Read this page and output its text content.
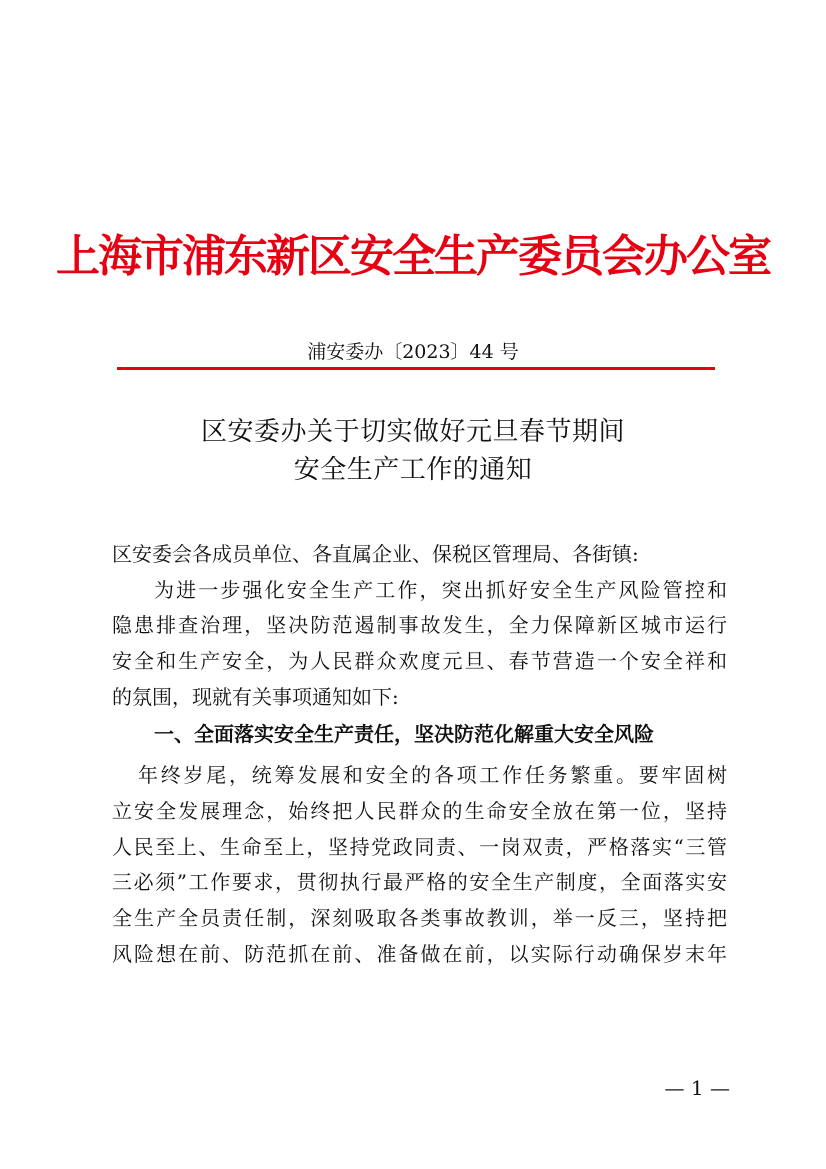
上海市浦东新区安全生产委员会办公室
浦安委办〔2023〕44 号
区安委办关于切实做好元旦春节期间
安全生产工作的通知
区安委会各成员单位、各直属企业、保税区管理局、各街镇:
为进一步强化安全生产工作，突出抓好安全生产风险管控和
隐患排查治理，坚决防范遏制事故发生，全力保障新区城市运行
安全和生产安全，为人民群众欢度元旦、春节营造一个安全祥和
的氛围，现就有关事项通知如下:
一、全面落实安全生产责任，坚决防范化解重大安全风险
年终岁尾，统筹发展和安全的各项工作任务繁重。要牢固树
立安全发展理念，始终把人民群众的生命安全放在第一位，坚持
人民至上、生命至上，坚持党政同责、一岗双责，严格落实“三管
三必须”工作要求，贯彻执行最严格的安全生产制度，全面落实安
全生产全员责任制，深刻吸取各类事故教训，举一反三，坚持把
风险想在前、防范抓在前、准备做在前，以实际行动确保岁末年
— 1 —
